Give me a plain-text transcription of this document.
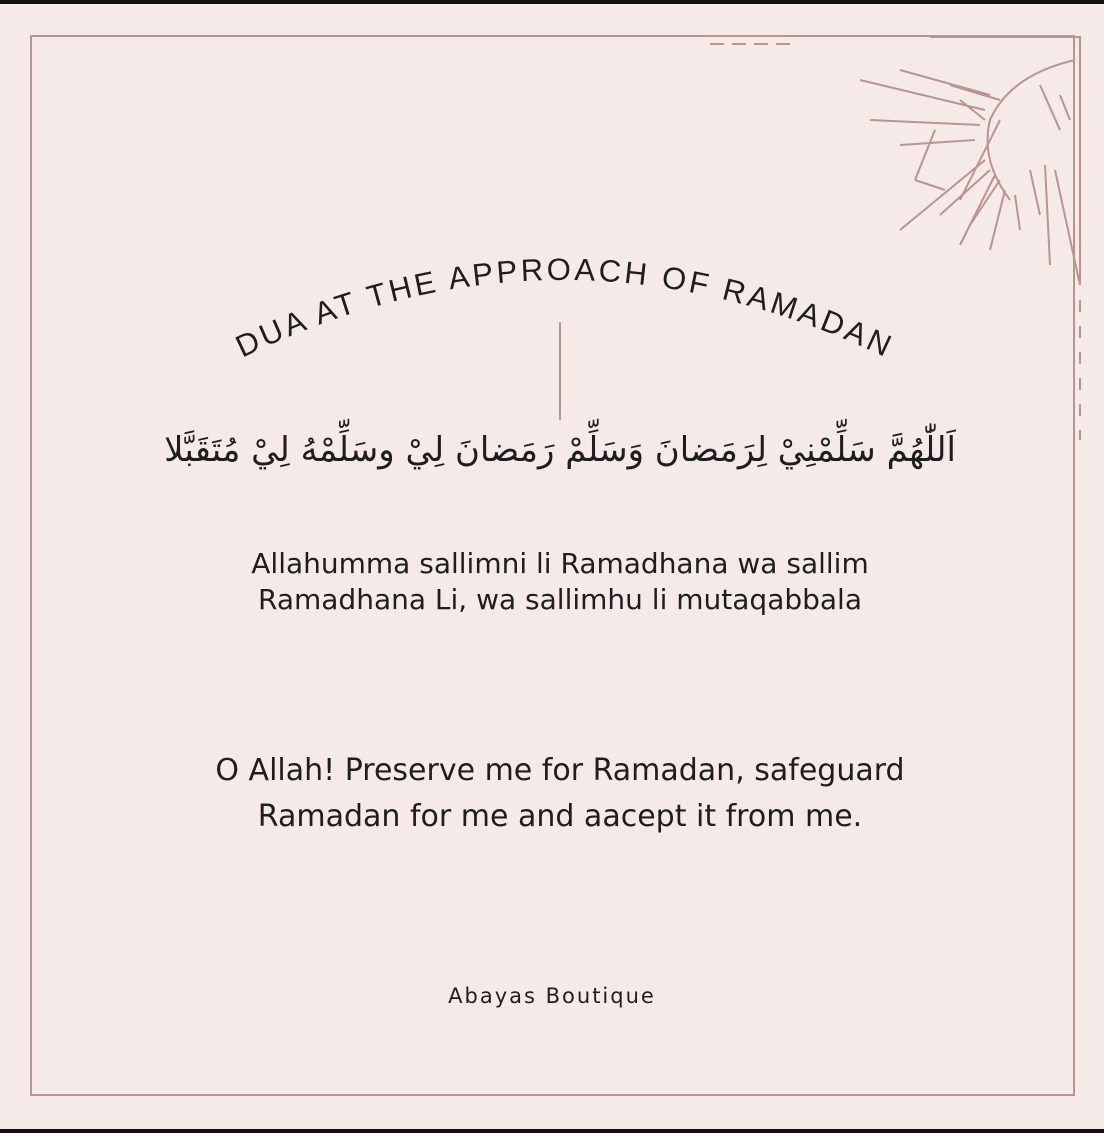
DUA AT THE APPROACH OF RAMADAN
اَللّٰهُمَّ سَلِّمْنِيْ لِرَمَضانَ وَسَلِّمْ رَمَضانَ لِيْ وسَلِّمْهُ لِيْ مُتَقَبَّلا
Allahumma sallimni li Ramadhana wa sallim
Ramadhana Li, wa sallimhu li mutaqabbala
O Allah! Preserve me for Ramadan, safeguard
Ramadan for me and aacept it from me.
Abayas Boutique
